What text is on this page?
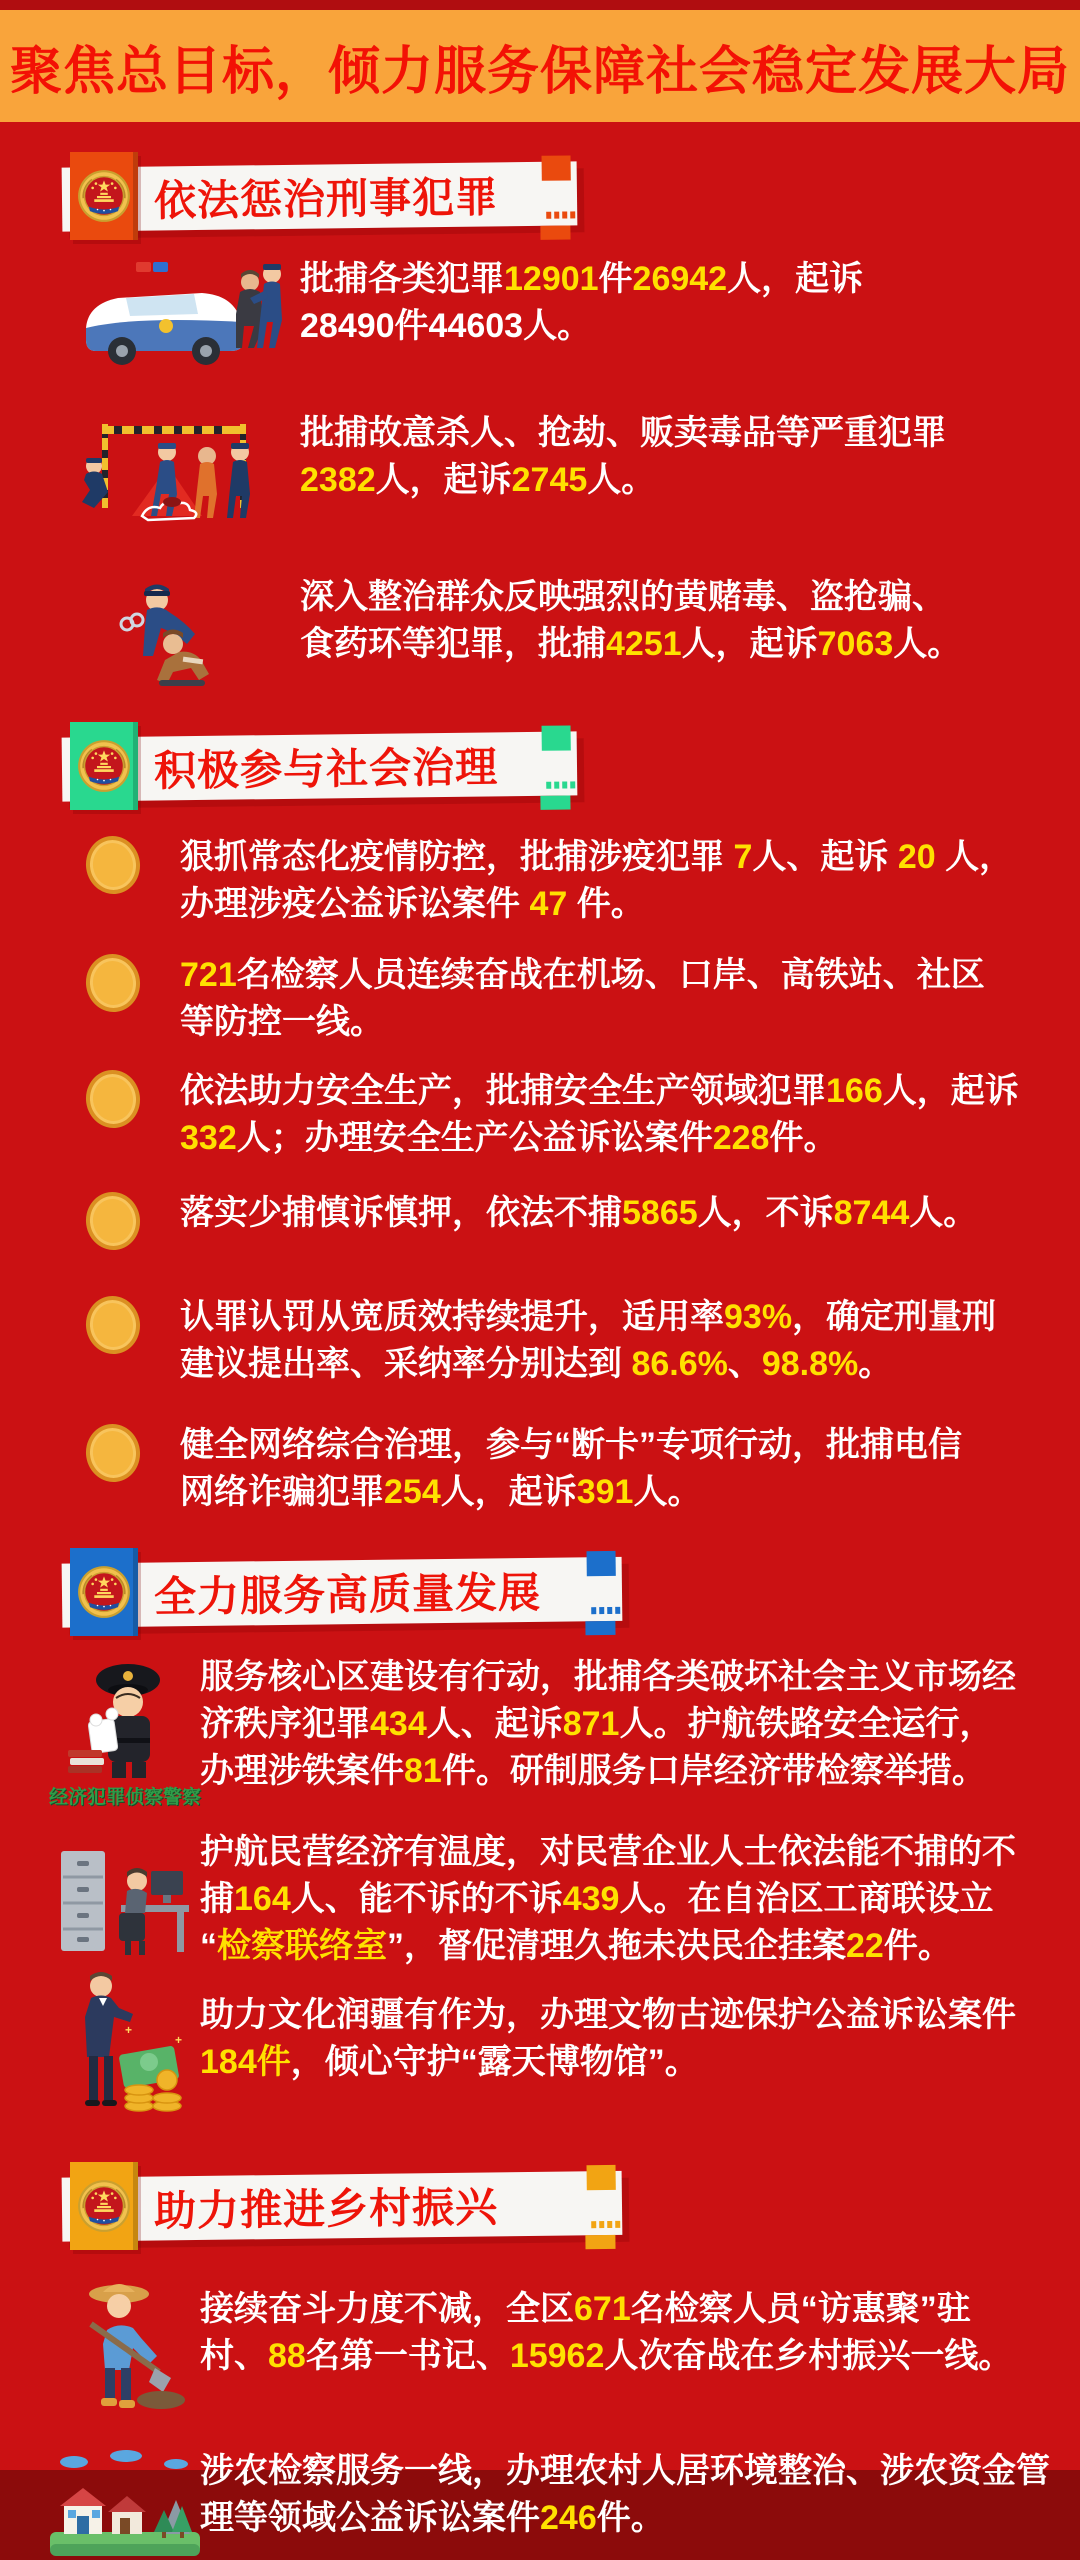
聚焦总目标，倾力服务保障社会稳定发展大局
依法惩治刑事犯罪
批捕各类犯罪12901件26942人，起诉
28490件44603人。
批捕故意杀人、抢劫、贩卖毒品等严重犯罪
2382人，起诉2745人。
深入整治群众反映强烈的黄赌毒、盗抢骗、
食药环等犯罪，批捕4251人，起诉7063人。
积极参与社会治理
狠抓常态化疫情防控，批捕涉疫犯罪 7人、起诉 20 人，
办理涉疫公益诉讼案件 47 件。
721名检察人员连续奋战在机场、口岸、高铁站、社区
等防控一线。
依法助力安全生产，批捕安全生产领域犯罪166人，起诉
332人；办理安全生产公益诉讼案件228件。
落实少捕慎诉慎押，依法不捕5865人，不诉8744人。
认罪认罚从宽质效持续提升，适用率93%，确定刑量刑
建议提出率、采纳率分别达到 86.6%、98.8%。
健全网络综合治理，参与“断卡”专项行动，批捕电信
网络诈骗犯罪254人，起诉391人。
全力服务高质量发展
经济犯罪侦察警察
服务核心区建设有行动，批捕各类破坏社会主义市场经
济秩序犯罪434人、起诉871人。护航铁路安全运行，
办理涉铁案件81件。研制服务口岸经济带检察举措。
护航民营经济有温度，对民营企业人士依法能不捕的不
捕164人、能不诉的不诉439人。在自治区工商联设立
“检察联络室”，督促清理久拖未决民企挂案22件。
+
+
助力文化润疆有作为，办理文物古迹保护公益诉讼案件
184件，倾心守护“露天博物馆”。
助力推进乡村振兴
接续奋斗力度不减，全区671名检察人员“访惠聚”驻
村、88名第一书记、15962人次奋战在乡村振兴一线。
涉农检察服务一线，办理农村人居环境整治、涉农资金管
理等领域公益诉讼案件246件。
